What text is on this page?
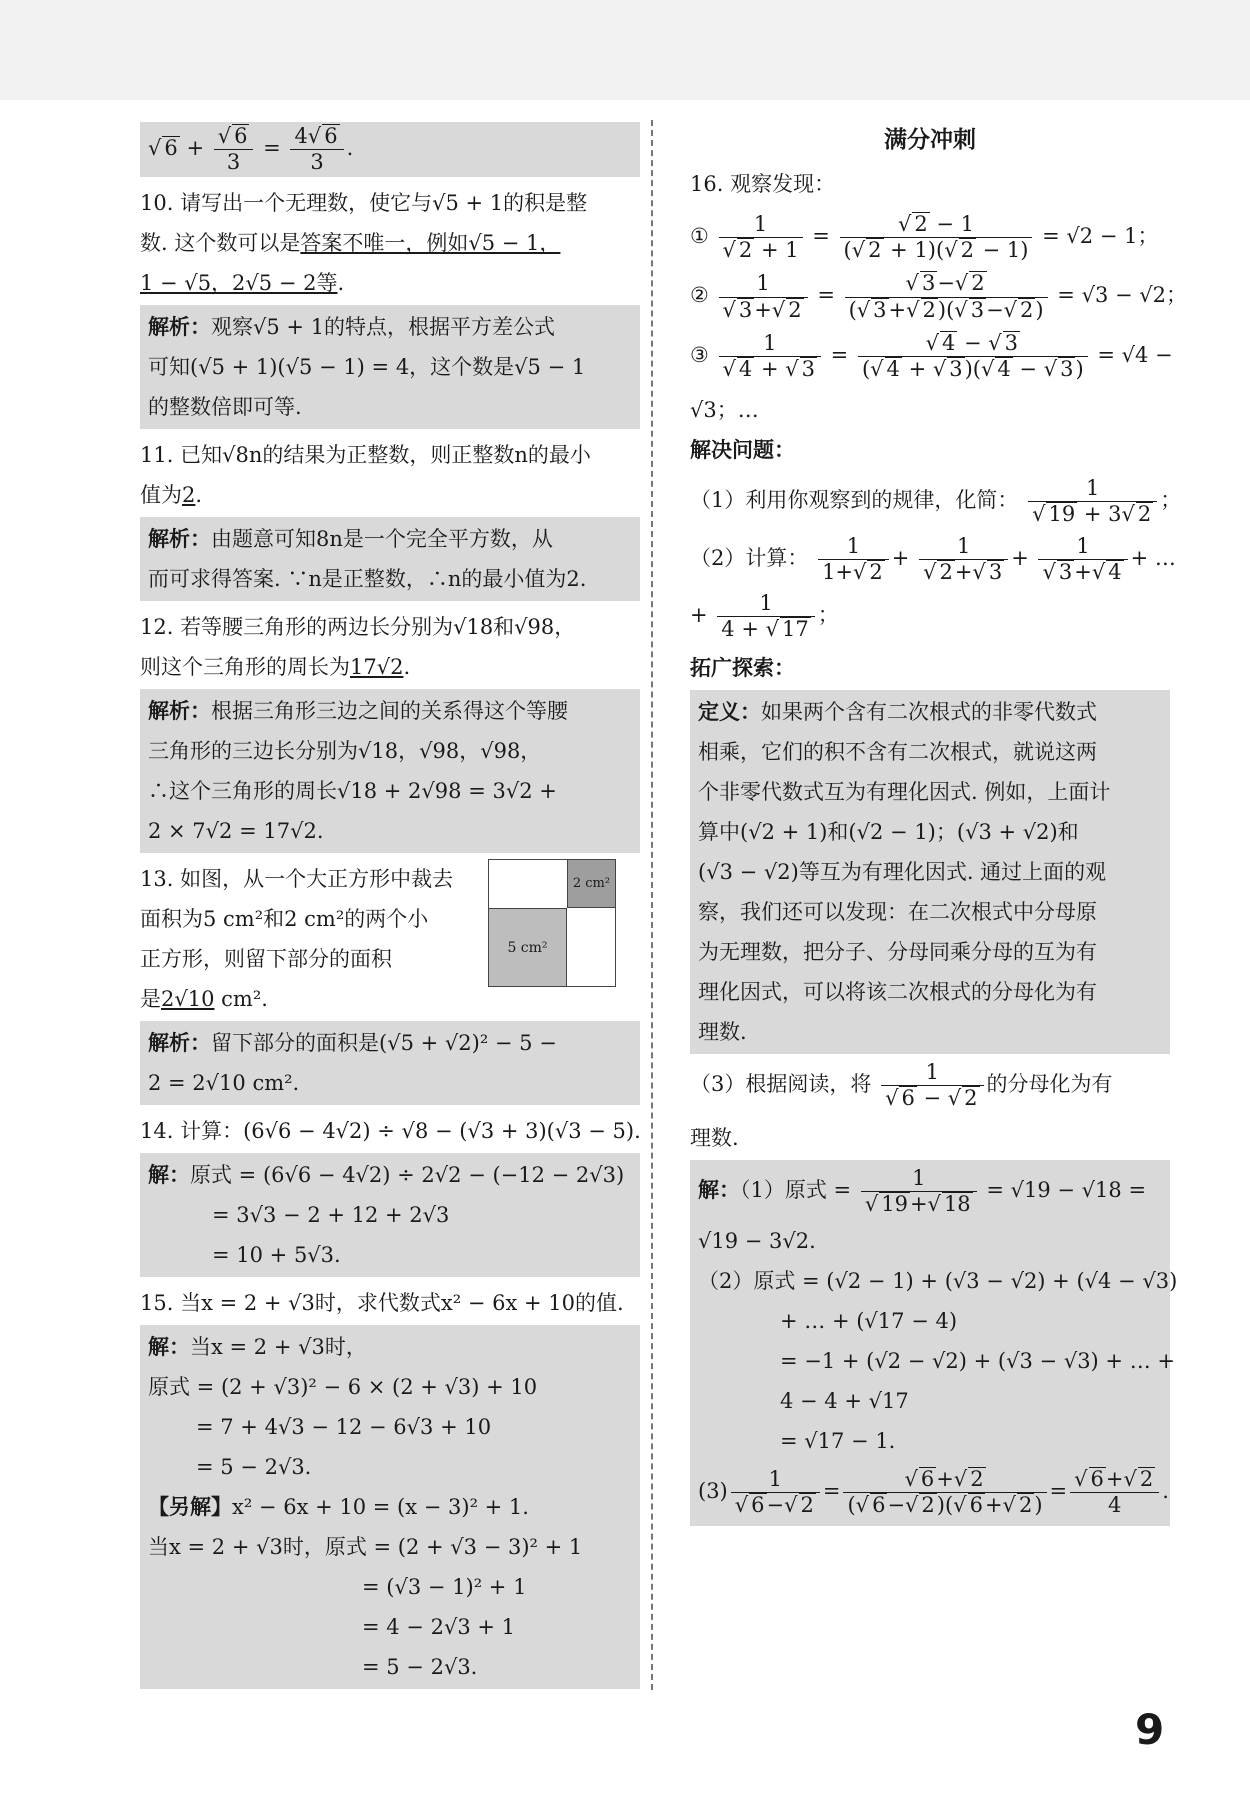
√ $6 + \frac{√ 6}{3} = \frac{4√ 6}{3}$ .
10. 请写出一个无理数，使它与√5 + 1的积是整
数. 这个数可以是答案不唯一，例如√5 − 1，
1 − √5，2√5 − 2等.
解析：观察√5 + 1的特点，根据平方差公式
可知(√5 + 1)(√5 − 1) = 4，这个数是√5 − 1
的整数倍即可等.
11. 已知√8n的结果为正整数，则正整数n的最小
值为2.
解析：由题意可知8n是一个完全平方数，从
而可求得答案. ∵n是正整数，∴n的最小值为2.
12. 若等腰三角形的两边长分别为√18和√98，
则这个三角形的周长为17√2.
解析：根据三角形三边之间的关系得这个等腰
三角形的三边长分别为√18，√98，√98，
∴这个三角形的周长√18 + 2√98 = 3√2 +
2 × 7√2 = 17√2.
13. 如图，从一个大正方形中裁去
面积为5 cm²和2 cm²的两个小
正方形，则留下部分的面积
是2√10 cm².
2 cm²
5 cm²
解析：留下部分的面积是(√5 + √2)² − 5 −
2 = 2√10 cm².
14. 计算：(6√6 − 4√2) ÷ √8 − (√3 + 3)(√3 − 5).
解：原式 = (6√6 − 4√2) ÷ 2√2 − (−12 − 2√3)
= 3√3 − 2 + 12 + 2√3
= 10 + 5√3.
15. 当x = 2 + √3时，求代数式x² − 6x + 10的值.
解：当x = 2 + √3时，
原式 = (2 + √3)² − 6 × (2 + √3) + 10
= 7 + 4√3 − 12 − 6√3 + 10
= 5 − 2√3.
【另解】x² − 6x + 10 = (x − 3)² + 1.
当x = 2 + √3时，原式 = (2 + √3 − 3)² + 1
= (√3 − 1)² + 1
= 4 − 2√3 + 1
= 5 − 2√3.
满分冲刺
16. 观察发现：
① $\frac{1}{√ 2 + 1} = \frac{√ 2 - 1}{(√ 2 + 1)(√ 2 - 1)} = √2 - 1$；
② $\frac{1}{√ 3+√ 2} = \frac{√ 3-√ 2}{(√ 3+√ 2)(√ 3-√ 2)} = √3 - √2$；
③ $\frac{1}{√ 4 + √ 3} = \frac{√ 4 - √ 3}{(√ 4 + √ 3)(√ 4 - √ 3)} = √4$ −
√3；…
解决问题：
（1）利用你观察到的规律，化简： $\frac{1}{√ 19 + 3√ 2}$ ；
（2）计算： $\frac{1}{1+√ 2} + \frac{1}{√ 2+√ 3} + \frac{1}{√ 3+√ 4}$ + …
+ $\frac{1}{4 + √ 17}$ ；
拓广探索：
定义：如果两个含有二次根式的非零代数式
相乘，它们的积不含有二次根式，就说这两
个非零代数式互为有理化因式. 例如，上面计
算中(√2 + 1)和(√2 − 1)；(√3 + √2)和
(√3 − √2)等互为有理化因式. 通过上面的观
察，我们还可以发现：在二次根式中分母原
为无理数，把分子、分母同乘分母的互为有
理化因式，可以将该二次根式的分母化为有
理数.
（3）根据阅读，将 $\frac{1}{√ 6 - √ 2}$ 的分母化为有
理数.
解：（1）原式 = $\frac{1}{√ 19+√ 18} = √19 - √18$ =
√19 − 3√2.
（2）原式 = (√2 − 1) + (√3 − √2) + (√4 − √3)
+ … + (√17 − 4)
= −1 + (√2 − √2) + (√3 − √3) + … +
4 − 4 + √17
= √17 − 1.
$(3) \frac{1}{√ 6-√ 2} = \frac{√ 6+√ 2}{(√ 6-√ 2)(√ 6+√ 2)} = \frac{√ 6+√ 2}{4}$ .
9
